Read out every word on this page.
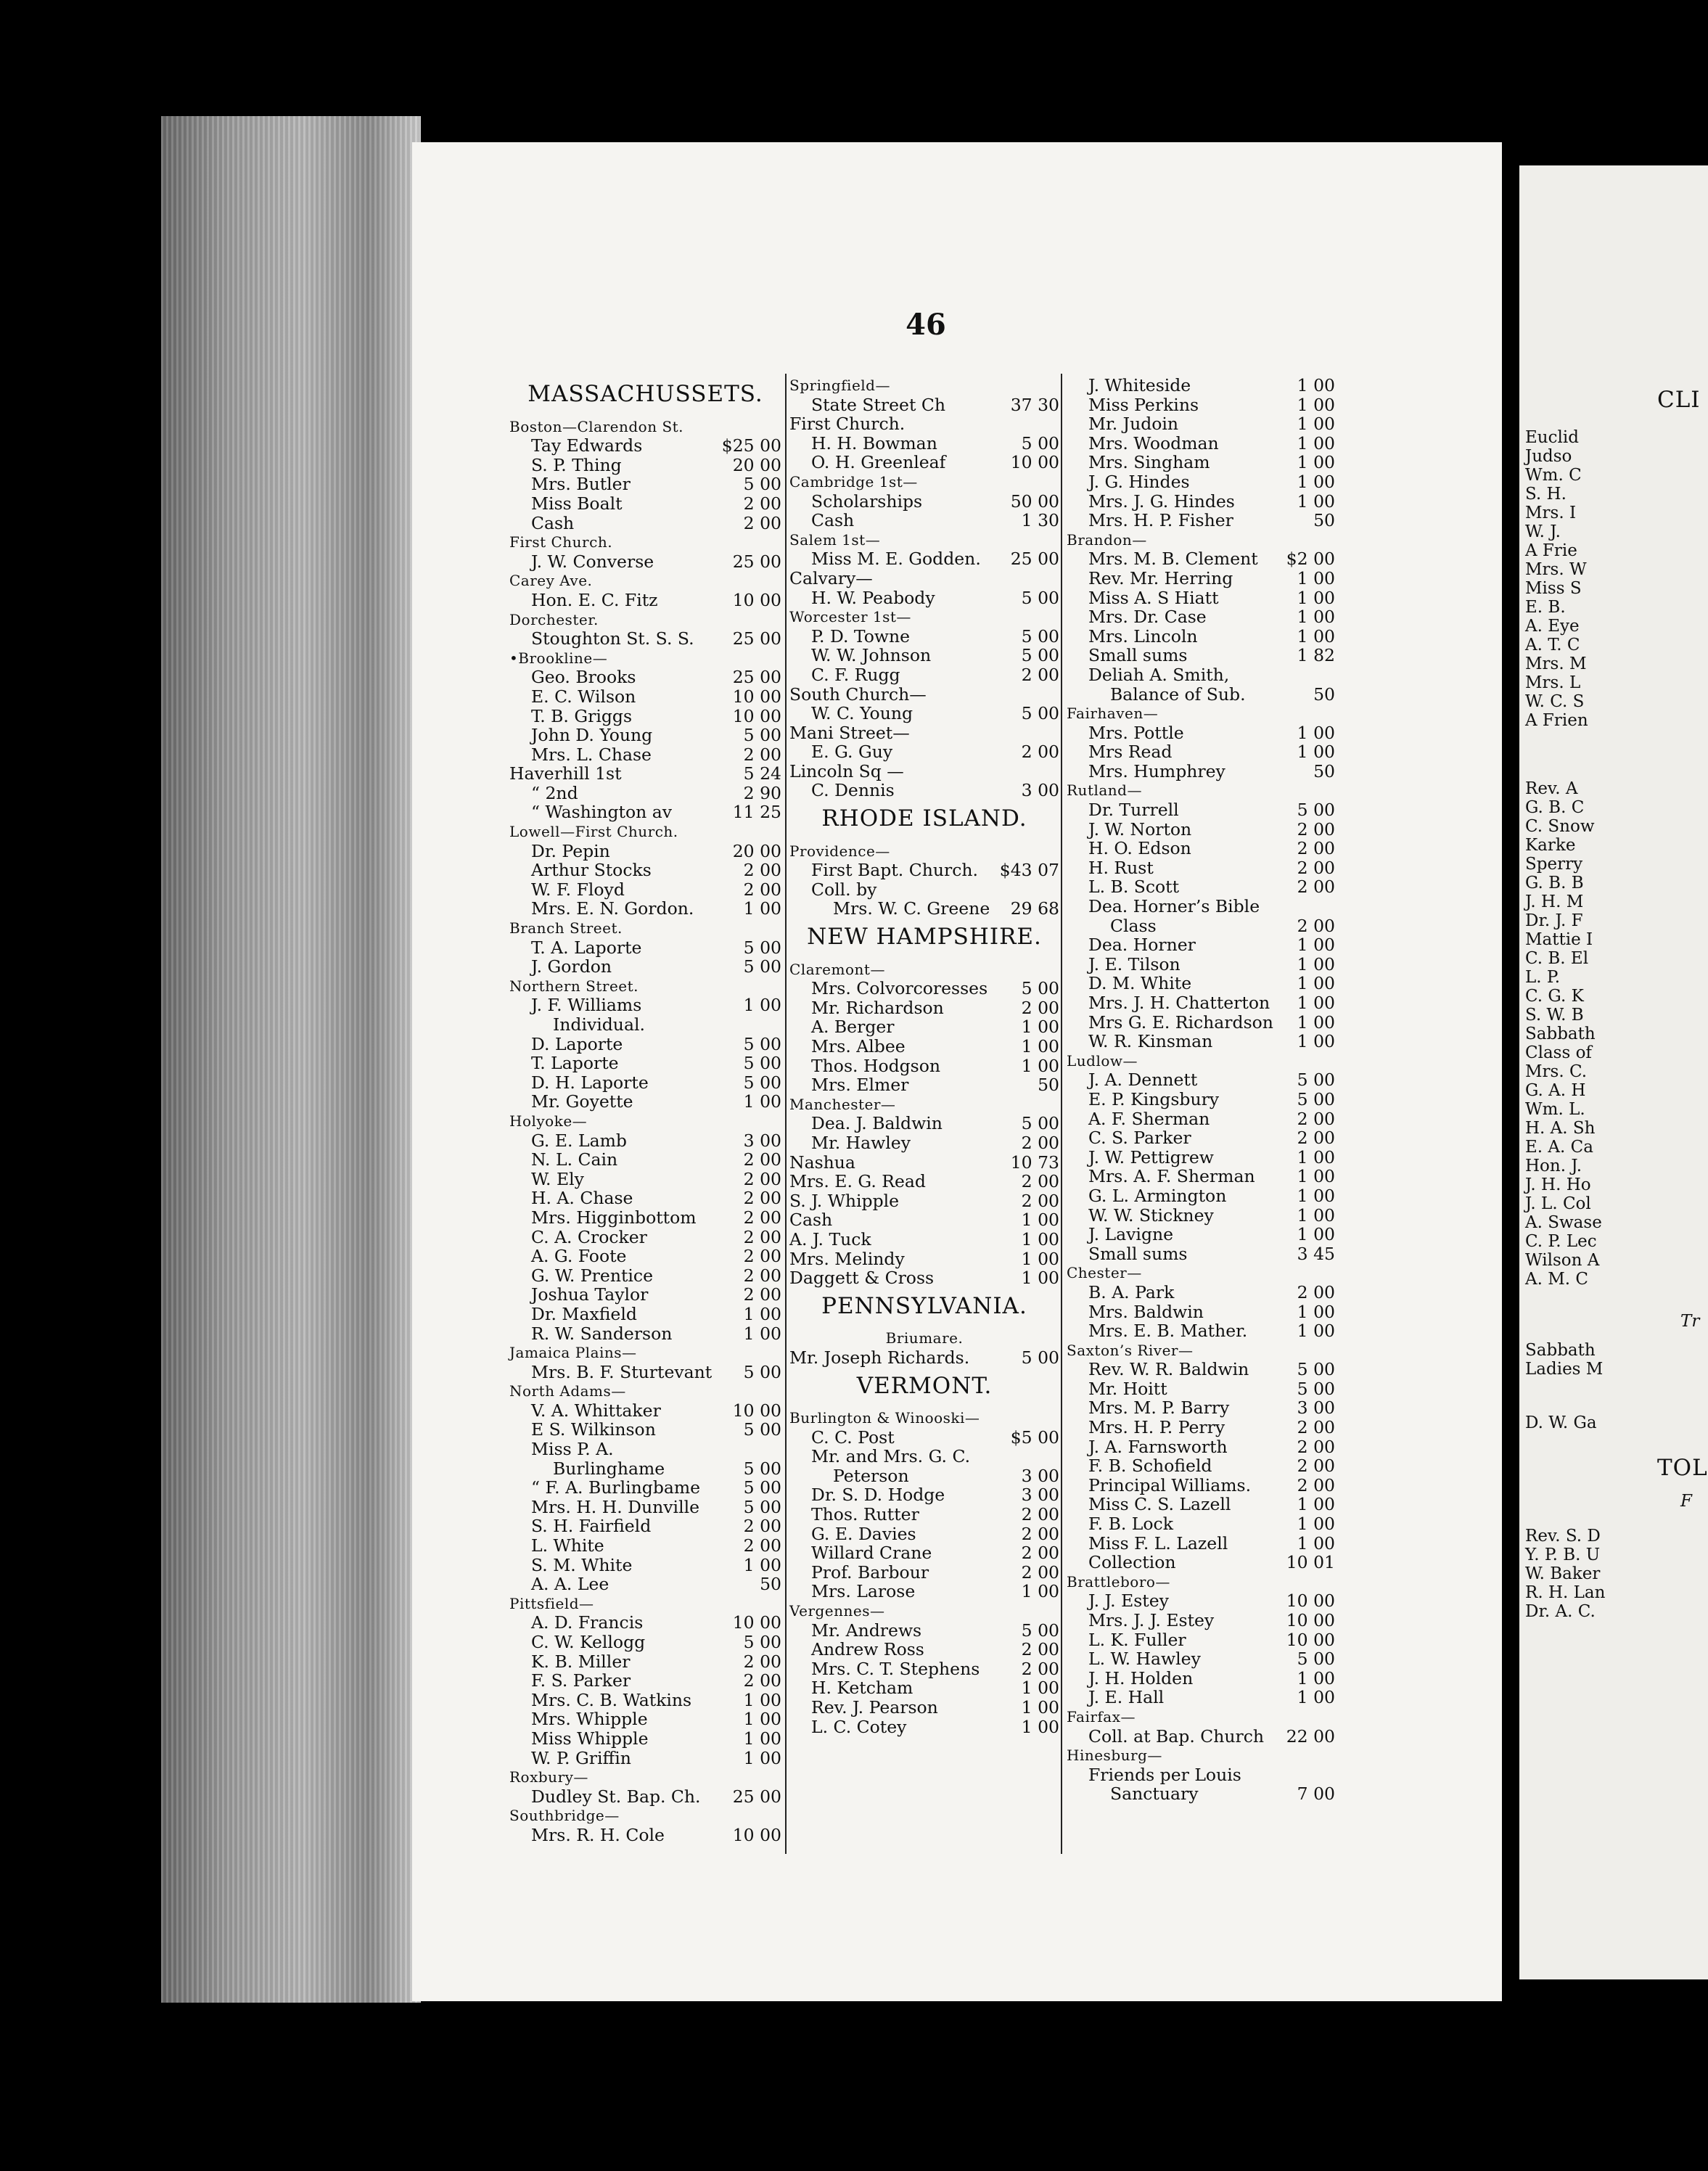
46
MASSACHUSSETS.
Boston—Clarendon St.
Tay Edwards	$25 00
S. P. Thing	20 00
Mrs. Butler	5 00
Miss Boalt	2 00
Cash	2 00
First Church.
J. W. Converse	25 00
Carey Ave.
Hon. E. C. Fitz	10 00
Dorchester.
Stoughton St. S. S.	25 00
•Brookline—
Geo. Brooks	25 00
E. C. Wilson	10 00
T. B. Griggs	10 00
John D. Young	5 00
Mrs. L. Chase	2 00
Haverhill 1st	5 24
“ 2nd	2 90
“ Washington av	11 25
Lowell—First Church.
Dr. Pepin	20 00
Arthur Stocks	2 00
W. F. Floyd	2 00
Mrs. E. N. Gordon.	1 00
Branch Street.
T. A. Laporte	5 00
J. Gordon	5 00
Northern Street.
J. F. Williams	1 00
Individual.
D. Laporte	5 00
T. Laporte	5 00
D. H. Laporte	5 00
Mr. Goyette	1 00
Holyoke—
G. E. Lamb	3 00
N. L. Cain	2 00
W. Ely	2 00
H. A. Chase	2 00
Mrs. Higginbottom	2 00
C. A. Crocker	2 00
A. G. Foote	2 00
G. W. Prentice	2 00
Joshua Taylor	2 00
Dr. Maxfield	1 00
R. W. Sanderson	1 00
Jamaica Plains—
Mrs. B. F. Sturtevant	5 00
North Adams—
V. A. Whittaker	10 00
E S. Wilkinson	5 00
Miss P. A.
Burlinghame	5 00
“ F. A. Burlingbame	5 00
Mrs. H. H. Dunville	5 00
S. H. Fairfield	2 00
L. White	2 00
S. M. White	1 00
A. A. Lee	50
Pittsfield—
A. D. Francis	10 00
C. W. Kellogg	5 00
K. B. Miller	2 00
F. S. Parker	2 00
Mrs. C. B. Watkins	1 00
Mrs. Whipple	1 00
Miss Whipple	1 00
W. P. Griffin	1 00
Roxbury—
Dudley St. Bap. Ch.	25 00
Southbridge—
Mrs. R. H. Cole	10 00
Springfield—
State Street Ch	37 30
First Church.
H. H. Bowman	5 00
O. H. Greenleaf	10 00
Cambridge 1st—
Scholarships	50 00
Cash	1 30
Salem 1st—
Miss M. E. Godden.	25 00
Calvary—
H. W. Peabody	5 00
Worcester 1st—
P. D. Towne	5 00
W. W. Johnson	5 00
C. F. Rugg	2 00
South Church—
W. C. Young	5 00
Mani Street—
E. G. Guy	2 00
Lincoln Sq —
C. Dennis	3 00
RHODE ISLAND.
Providence—
First Bapt. Church.	$43 07
Coll. by
Mrs. W. C. Greene	29 68
NEW HAMPSHIRE.
Claremont—
Mrs. Colvorcoresses	5 00
Mr. Richardson	2 00
A. Berger	1 00
Mrs. Albee	1 00
Thos. Hodgson	1 00
Mrs. Elmer	50
Manchester—
Dea. J. Baldwin	5 00
Mr. Hawley	2 00
Nashua	10 73
Mrs. E. G. Read	2 00
S. J. Whipple	2 00
Cash	1 00
A. J. Tuck	1 00
Mrs. Melindy	1 00
Daggett & Cross	1 00
PENNSYLVANIA.
Briumare.
Mr. Joseph Richards.	5 00
VERMONT.
Burlington & Winooski—
C. C. Post	$5 00
Mr. and Mrs. G. C.
Peterson	3 00
Dr. S. D. Hodge	3 00
Thos. Rutter	2 00
G. E. Davies	2 00
Willard Crane	2 00
Prof. Barbour	2 00
Mrs. Larose	1 00
Vergennes—
Mr. Andrews	5 00
Andrew Ross	2 00
Mrs. C. T. Stephens	2 00
H. Ketcham	1 00
Rev. J. Pearson	1 00
L. C. Cotey	1 00
J. Whiteside	1 00
Miss Perkins	1 00
Mr. Judoin	1 00
Mrs. Woodman	1 00
Mrs. Singham	1 00
J. G. Hindes	1 00
Mrs. J. G. Hindes	1 00
Mrs. H. P. Fisher	50
Brandon—
Mrs. M. B. Clement	$2 00
Rev. Mr. Herring	1 00
Miss A. S Hiatt	1 00
Mrs. Dr. Case	1 00
Mrs. Lincoln	1 00
Small sums	1 82
Deliah A. Smith,
Balance of Sub.	50
Fairhaven—
Mrs. Pottle	1 00
Mrs Read	1 00
Mrs. Humphrey	50
Rutland—
Dr. Turrell	5 00
J. W. Norton	2 00
H. O. Edson	2 00
H. Rust	2 00
L. B. Scott	2 00
Dea. Horner’s Bible
Class	2 00
Dea. Horner	1 00
J. E. Tilson	1 00
D. M. White	1 00
Mrs. J. H. Chatterton	1 00
Mrs G. E. Richardson	1 00
W. R. Kinsman	1 00
Ludlow—
J. A. Dennett	5 00
E. P. Kingsbury	5 00
A. F. Sherman	2 00
C. S. Parker	2 00
J. W. Pettigrew	1 00
Mrs. A. F. Sherman	1 00
G. L. Armington	1 00
W. W. Stickney	1 00
J. Lavigne	1 00
Small sums	3 45
Chester—
B. A. Park	2 00
Mrs. Baldwin	1 00
Mrs. E. B. Mather.	1 00
Saxton’s River—
Rev. W. R. Baldwin	5 00
Mr. Hoitt	5 00
Mrs. M. P. Barry	3 00
Mrs. H. P. Perry	2 00
J. A. Farnsworth	2 00
F. B. Schofield	2 00
Principal Williams.	2 00
Miss C. S. Lazell	1 00
F. B. Lock	1 00
Miss F. L. Lazell	1 00
Collection	10 01
Brattleboro—
J. J. Estey	10 00
Mrs. J. J. Estey	10 00
L. K. Fuller	10 00
L. W. Hawley	5 00
J. H. Holden	1 00
J. E. Hall	1 00
Fairfax—
Coll. at Bap. Church	22 00
Hinesburg—
Friends per Louis
Sanctuary	7 00
CLI
Euclid
Judso
Wm. C
S. H.
Mrs. I
W. J.
A Frie
Mrs. W
Miss S
E. B.
A. Eye
A. T. C
Mrs. M
Mrs. L
W. C. S
A Frien
Rev. A
G. B. C
C. Snow
Karke
Sperry
G. B. B
J. H. M
Dr. J. F
Mattie I
C. B. El
L. P.
C. G. K
S. W. B
Sabbath
Class of
Mrs. C.
G. A. H
Wm. L.
H. A. Sh
E. A. Ca
Hon. J.
J. H. Ho
J. L. Col
A. Swase
C. P. Lec
Wilson A
A. M. C
Tr
Sabbath
Ladies M
D. W. Ga
TOL
F
Rev. S. D
Y. P. B. U
W. Baker
R. H. Lan
Dr. A. C.
